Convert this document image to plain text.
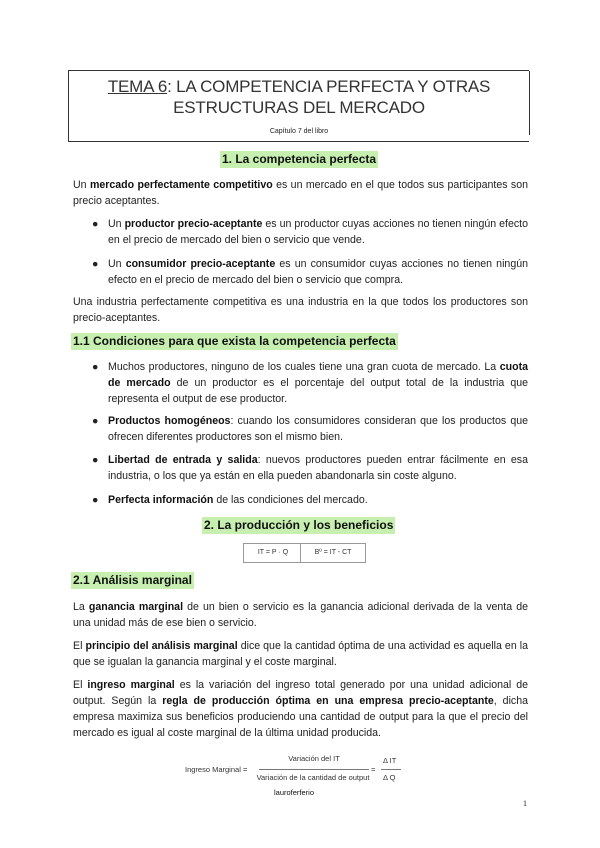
TEMA 6: LA COMPETENCIA PERFECTA Y OTRAS
ESTRUCTURAS DEL MERCADO
Capítulo 7 del libro
1. La competencia perfecta

Un mercado perfectamente competitivo es un mercado en el que todos sus participantes son precio aceptantes.

● Un productor precio-aceptante es un productor cuyas acciones no tienen ningún efecto en el precio de mercado del bien o servicio que vende.
● Un consumidor precio-aceptante es un consumidor cuyas acciones no tienen ningún efecto en el precio de mercado del bien o servicio que compra.

Una industria perfectamente competitiva es una industria en la que todos los productores son precio-aceptantes.

1.1 Condiciones para que exista la competencia perfecta
● Muchos productores, ninguno de los cuales tiene una gran cuota de mercado. La cuota de mercado de un productor es el porcentaje del output total de la industria que representa el output de ese productor.
● Productos homogéneos: cuando los consumidores consideran que los productos que ofrecen diferentes productores son el mismo bien.
● Libertad de entrada y salida: nuevos productores pueden entrar fácilmente en esa industria, o los que ya están en ella pueden abandonarla sin coste alguno.
● Perfecta información de las condiciones del mercado.
2. La producción y los beneficios
IT = P · Q	Bº = IT - CT
2.1 Análisis marginal

La ganancia marginal de un bien o servicio es la ganancia adicional derivada de la venta de una unidad más de ese bien o servicio.

El principio del análisis marginal dice que la cantidad óptima de una actividad es aquella en la que se igualan la ganancia marginal y el coste marginal.

El ingreso marginal es la variación del ingreso total generado por una unidad adicional de output. Según la regla de producción óptima en una empresa precio-aceptante, dicha empresa maximiza sus beneficios produciendo una cantidad de output para la que el precio del mercado es igual al coste marginal de la última unidad producida.

Ingreso Marginal =
Variación del IT
Variación de la cantidad de output
=
Δ IT
Δ Q
lauroferferio
1
